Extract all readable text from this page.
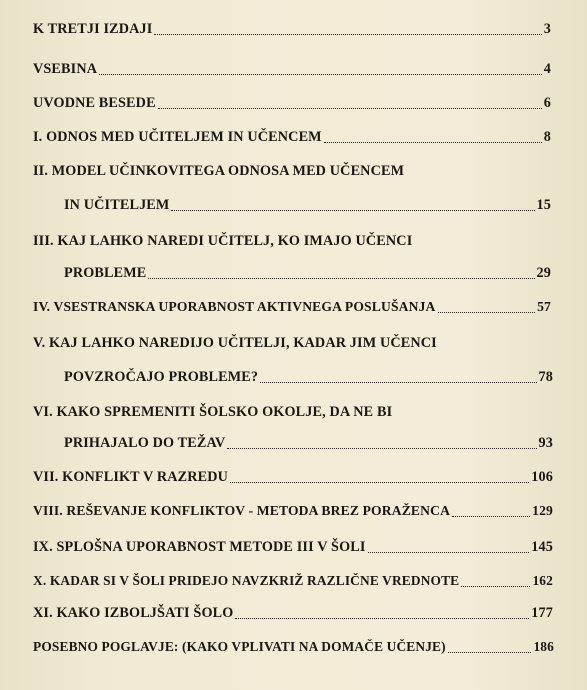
K TRETJI IZDAJI	3
VSEBINA	4
UVODNE BESEDE	6
I. ODNOS MED UČITELJEM IN UČENCEM	8
II. MODEL UČINKOVITEGA ODNOSA MED UČENCEM
IN UČITELJEM	15
III. KAJ LAHKO NAREDI UČITELJ, KO IMAJO UČENCI
PROBLEME	29
IV. VSESTRANSKA UPORABNOST AKTIVNEGA POSLUŠANJA	57
V. KAJ LAHKO NAREDIJO UČITELJI, KADAR JIM UČENCI
POVZROČAJO PROBLEME?	78
VI. KAKO SPREMENITI ŠOLSKO OKOLJE, DA NE BI
PRIHAJALO DO TEŽAV	93
VII. KONFLIKT V RAZREDU	106
VIII. REŠEVANJE KONFLIKTOV - METODA BREZ PORAŽENCA	129
IX. SPLOŠNA UPORABNOST METODE III V ŠOLI	145
X. KADAR SI V ŠOLI PRIDEJO NAVZKRIŽ RAZLIČNE VREDNOTE	162
XI. KAKO IZBOLJŠATI ŠOLO	177
POSEBNO POGLAVJE: (KAKO VPLIVATI NA DOMAČE UČENJE)	186
